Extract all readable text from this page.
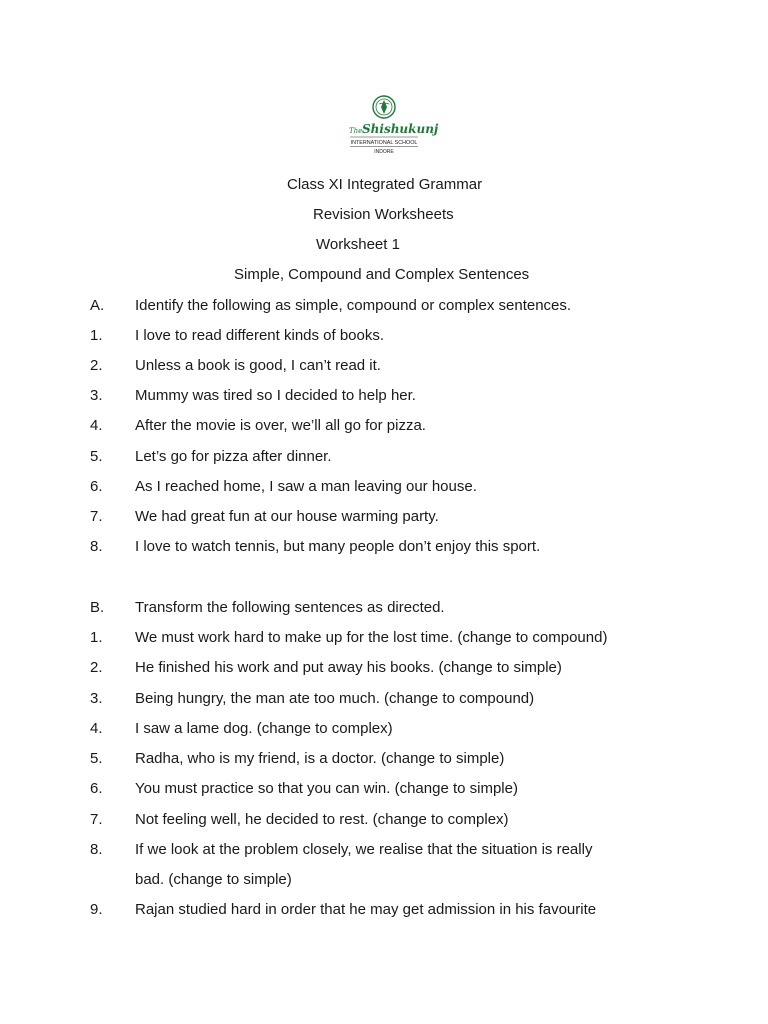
The Shishukunj
INTERNATIONAL SCHOOL
INDORE
Class XI Integrated Grammar
Revision Worksheets
Worksheet 1
Simple, Compound and Complex Sentences
A. Identify the following as simple, compound or complex sentences.
1. I love to read different kinds of books.
2. Unless a book is good, I can’t read it.
3. Mummy was tired so I decided to help her.
4. After the movie is over, we’ll all go for pizza.
5. Let’s go for pizza after dinner.
6. As I reached home, I saw a man leaving our house.
7. We had great fun at our house warming party.
8. I love to watch tennis, but many people don’t enjoy this sport.
B. Transform the following sentences as directed.
1. We must work hard to make up for the lost time. (change to compound)
2. He finished his work and put away his books. (change to simple)
3. Being hungry, the man ate too much. (change to compound)
4. I saw a lame dog. (change to complex)
5. Radha, who is my friend, is a doctor. (change to simple)
6. You must practice so that you can win. (change to simple)
7. Not feeling well, he decided to rest. (change to complex)
8. If we look at the problem closely, we realise that the situation is really
bad. (change to simple)
9. Rajan studied hard in order that he may get admission in his favourite
